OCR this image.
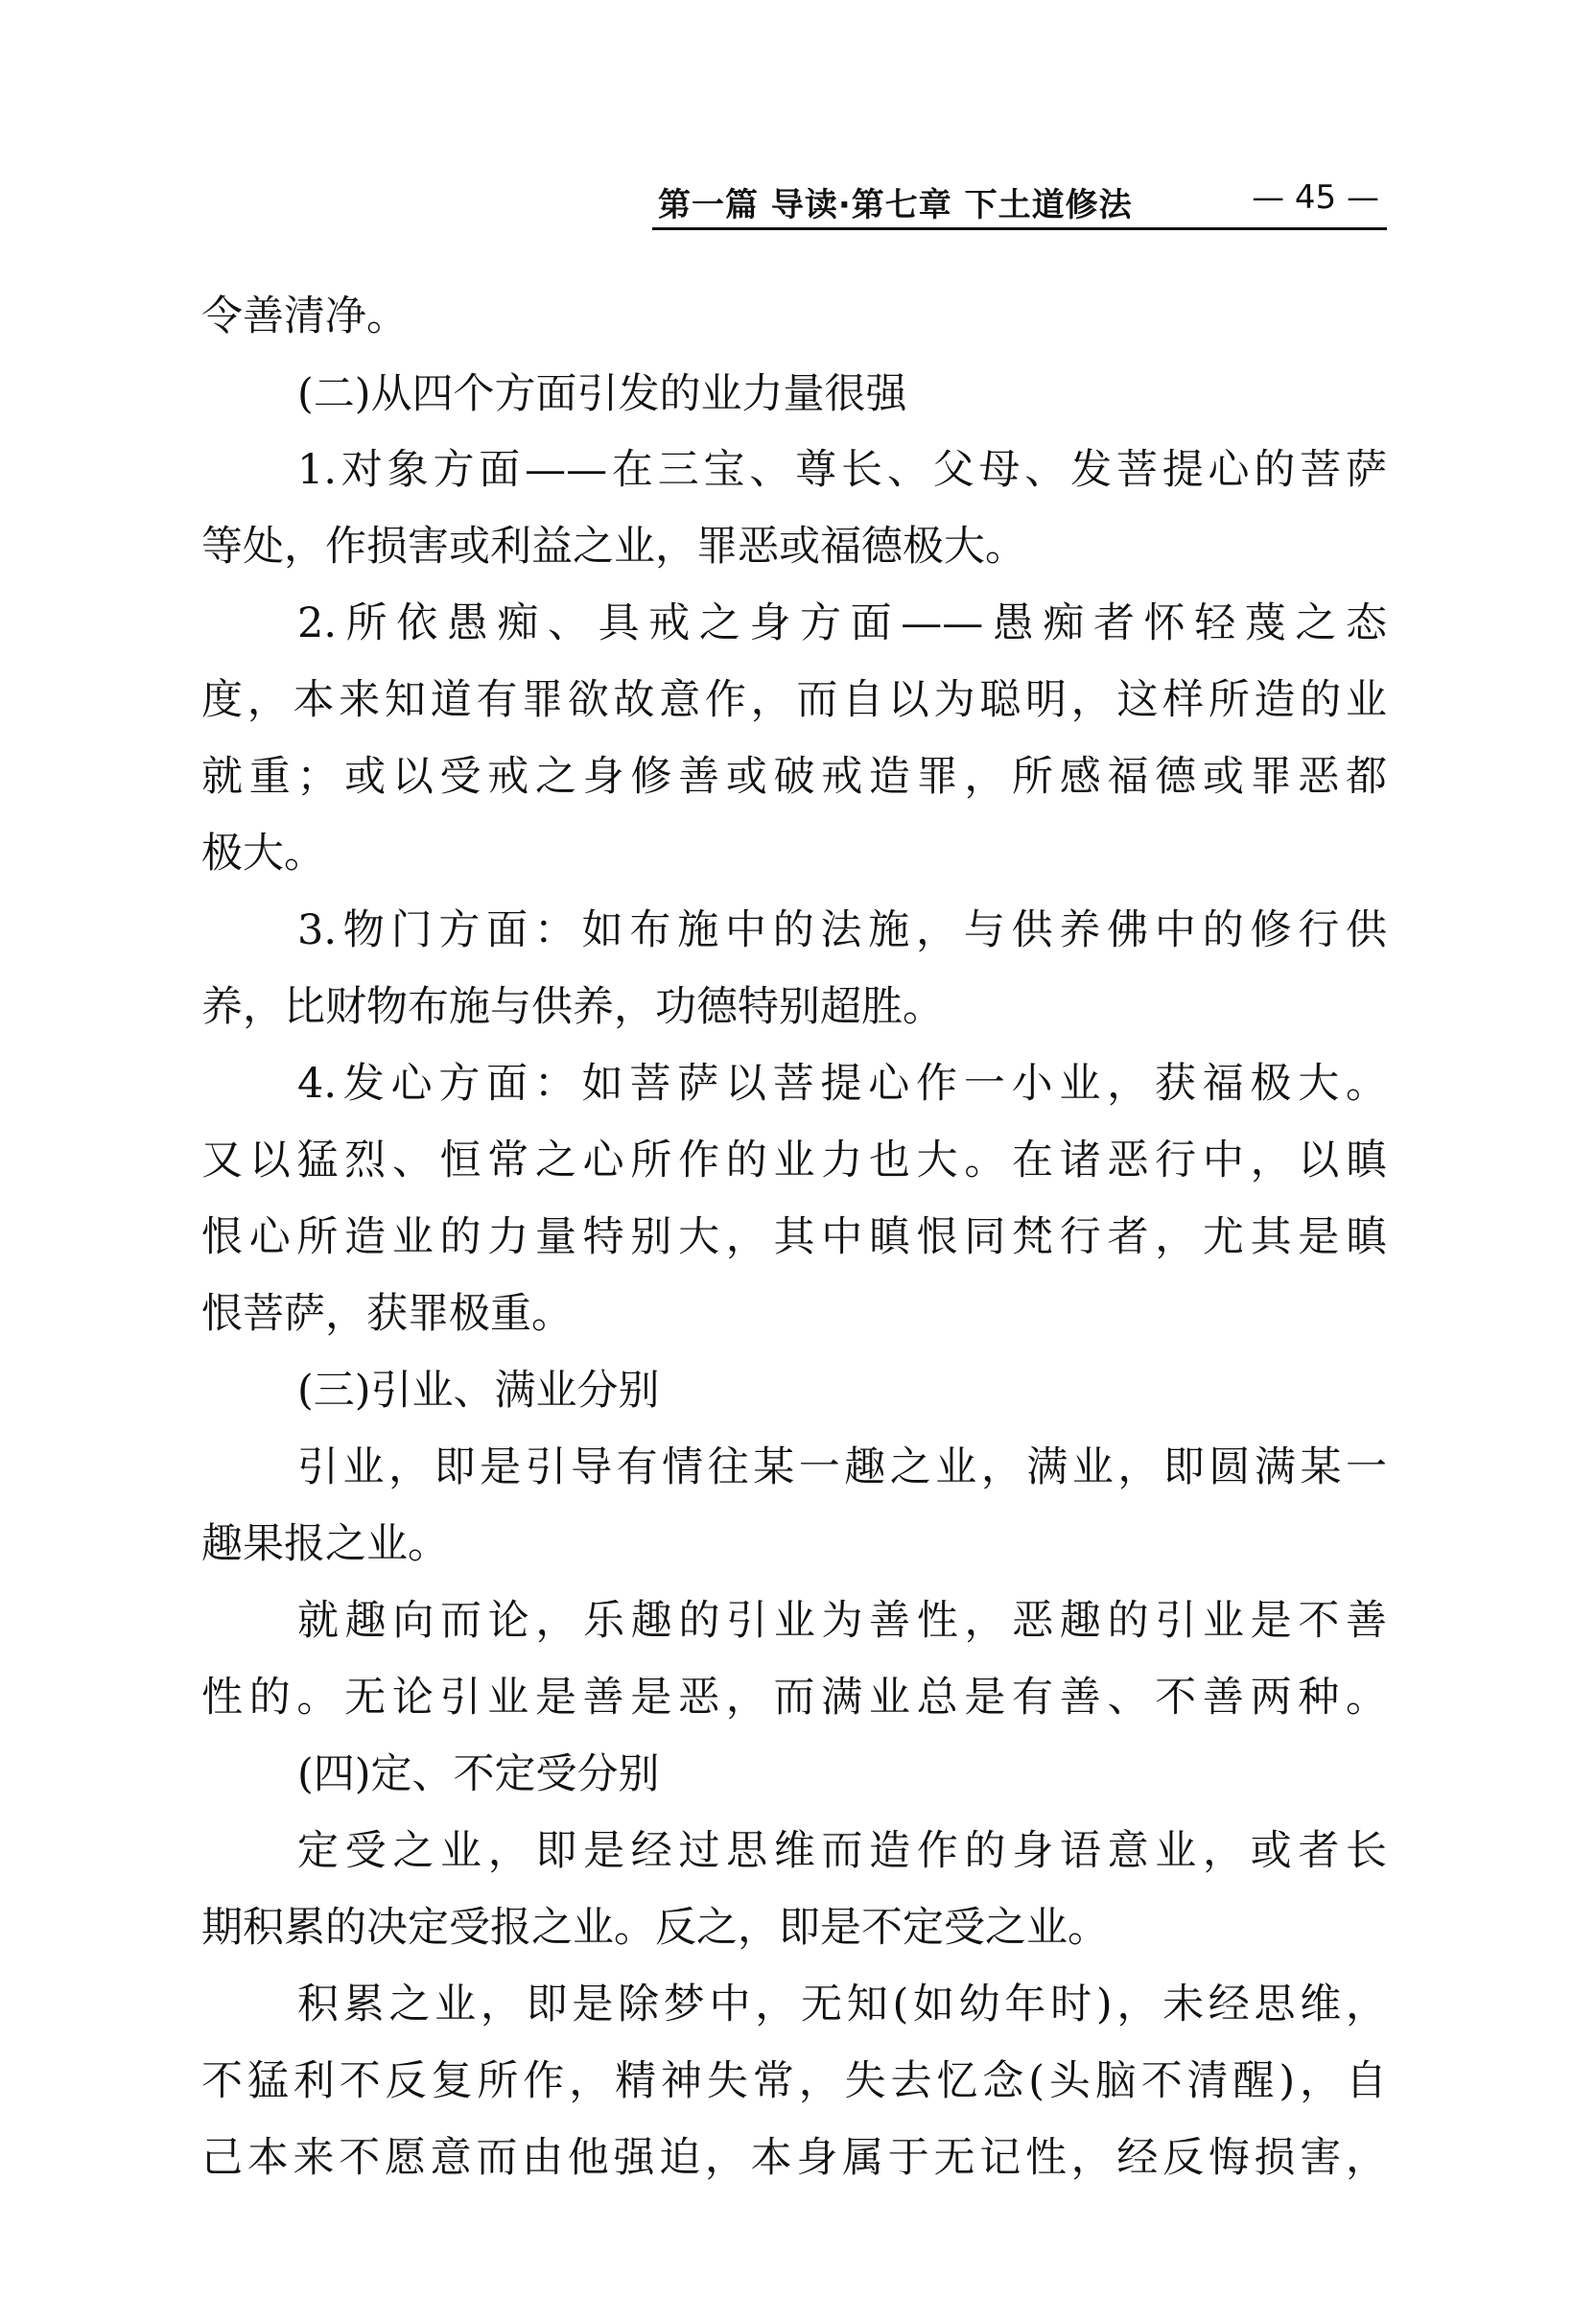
第一篇 导读·第七章 下土道修法	— 45 —
令善清净。
(二)从四个方面引发的业力量很强
1.对象方面——在三宝、尊长、父母、发菩提心的菩萨
等处，作损害或利益之业，罪恶或福德极大。
2.所依愚痴、具戒之身方面——愚痴者怀轻蔑之态
度，本来知道有罪欲故意作，而自以为聪明，这样所造的业
就重；或以受戒之身修善或破戒造罪，所感福德或罪恶都
极大。
3.物门方面：如布施中的法施，与供养佛中的修行供
养，比财物布施与供养，功德特别超胜。
4.发心方面：如菩萨以菩提心作一小业，获福极大。
又以猛烈、恒常之心所作的业力也大。在诸恶行中，以瞋
恨心所造业的力量特别大，其中瞋恨同梵行者，尤其是瞋
恨菩萨，获罪极重。
(三)引业、满业分别
引业，即是引导有情往某一趣之业，满业，即圆满某一
趣果报之业。
就趣向而论，乐趣的引业为善性，恶趣的引业是不善
性的。无论引业是善是恶，而满业总是有善、不善两种。
(四)定、不定受分别
定受之业，即是经过思维而造作的身语意业，或者长
期积累的决定受报之业。反之，即是不定受之业。
积累之业，即是除梦中，无知(如幼年时)，未经思维，
不猛利不反复所作，精神失常，失去忆念(头脑不清醒)，自
己本来不愿意而由他强迫，本身属于无记性，经反悔损害，
